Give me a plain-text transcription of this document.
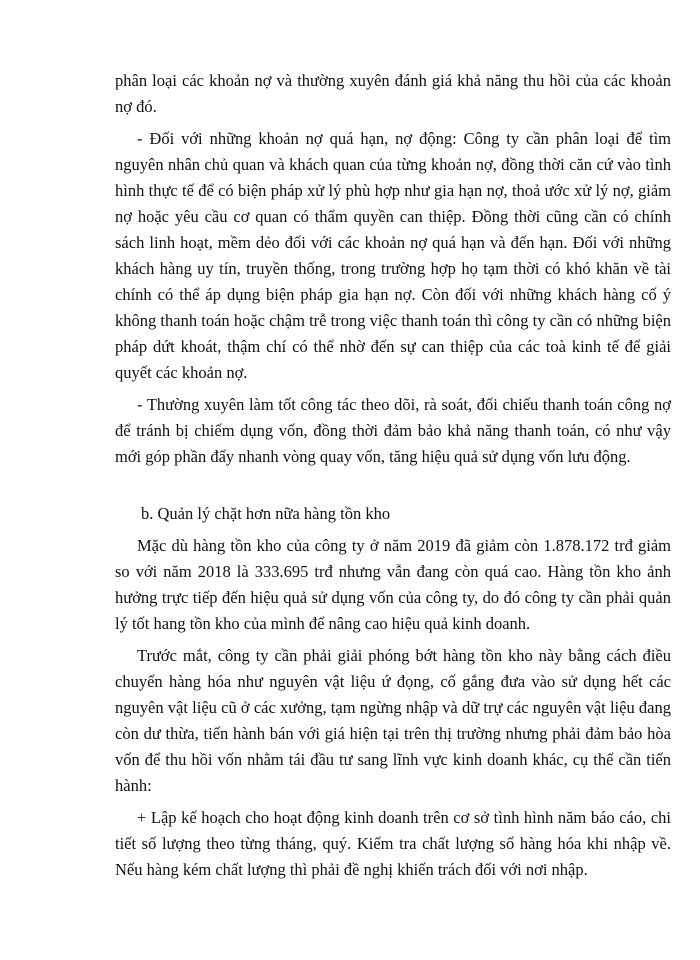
phân loại các khoản nợ và thường xuyên đánh giá khả năng thu hồi của các khoản nợ đó.

- Đối với những khoản nợ quá hạn, nợ động: Công ty cần phân loại để tìm nguyên nhân chủ quan và khách quan của từng khoản nợ, đồng thời căn cứ vào tình hình thực tế để có biện pháp xử lý phù hợp như gia hạn nợ, thoả ước xử lý nợ, giảm nợ hoặc yêu cầu cơ quan có thẩm quyền can thiệp. Đồng thời cũng cần có chính sách linh hoạt, mềm dẻo đối với các khoản nợ quá hạn và đến hạn. Đối với những khách hàng uy tín, truyền thống, trong trường hợp họ tạm thời có khó khăn về tài chính có thể áp dụng biện pháp gia hạn nợ. Còn đối với những khách hàng cố ý không thanh toán hoặc chậm trễ trong việc thanh toán thì công ty cần có những biện pháp dứt khoát, thậm chí có thể nhờ đến sự can thiệp của các toà kinh tế để giải quyết các khoản nợ.

- Thường xuyên làm tốt công tác theo dõi, rà soát, đối chiếu thanh toán công nợ để tránh bị chiếm dụng vốn, đồng thời đảm bảo khả năng thanh toán, có như vậy mới góp phần đẩy nhanh vòng quay vốn, tăng hiệu quả sử dụng vốn lưu động.

b. Quản lý chặt hơn nữa hàng tồn kho

Mặc dù hàng tồn kho của công ty ở năm 2019 đã giảm còn 1.878.172 trđ giảm so với năm 2018 là 333.695 trđ nhưng vẫn đang còn quá cao. Hàng tồn kho ảnh hưởng trực tiếp đến hiệu quả sử dụng vốn của công ty, do đó công ty cần phải quản lý tốt hang tồn kho của mình để nâng cao hiệu quả kinh doanh.

Trước mắt, công ty cần phải giải phóng bớt hàng tồn kho này bằng cách điều chuyển hàng hóa như nguyên vật liệu ứ đọng, cố gắng đưa vào sử dụng hết các nguyên vật liệu cũ ở các xưởng, tạm ngừng nhập và dữ trự các nguyên vật liệu đang còn dư thừa, tiến hành bán với giá hiện tại trên thị trường nhưng phải đảm bảo hòa vốn để thu hồi vốn nhằm tái đầu tư sang lĩnh vực kinh doanh khác, cụ thể cần tiến hành:

+ Lập kế hoạch cho hoạt động kinh doanh trên cơ sở tình hình năm báo cáo, chi tiết số lượng theo từng tháng, quý. Kiểm tra chất lượng số hàng hóa khi nhập về. Nếu hàng kém chất lượng thì phải đề nghị khiến trách đối với nơi nhập.
